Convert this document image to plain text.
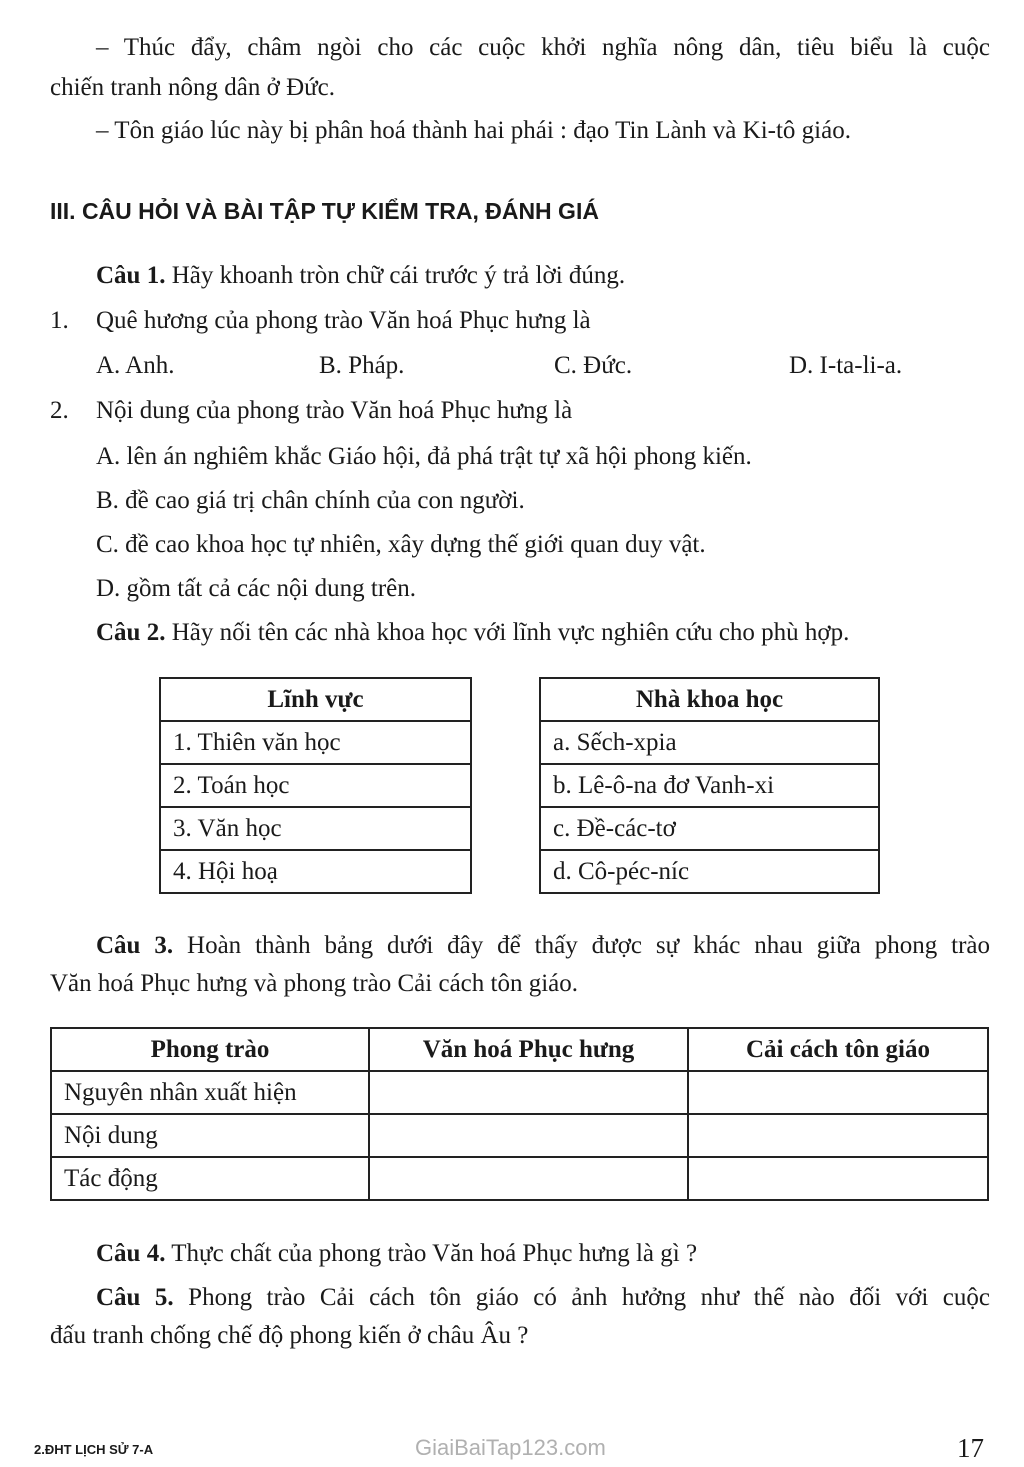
– Thúc đẩy, châm ngòi cho các cuộc khởi nghĩa nông dân, tiêu biểu là cuộc
chiến tranh nông dân ở Đức.
– Tôn giáo lúc này bị phân hoá thành hai phái : đạo Tin Lành và Ki-tô giáo.
III. CÂU HỎI VÀ BÀI TẬP TỰ KIỂM TRA, ĐÁNH GIÁ
Câu 1. Hãy khoanh tròn chữ cái trước ý trả lời đúng.
1. Quê hương của phong trào Văn hoá Phục hưng là
A. Anh.	B. Pháp.	C. Đức.	D. I-ta-li-a.
2. Nội dung của phong trào Văn hoá Phục hưng là
A. lên án nghiêm khắc Giáo hội, đả phá trật tự xã hội phong kiến.
B. đề cao giá trị chân chính của con người.
C. đề cao khoa học tự nhiên, xây dựng thế giới quan duy vật.
D. gồm tất cả các nội dung trên.
Câu 2. Hãy nối tên các nhà khoa học với lĩnh vực nghiên cứu cho phù hợp.
Lĩnh vực
1. Thiên văn học
2. Toán học
3. Văn học
4. Hội hoạ
Nhà khoa học
a. Sếch-xpia
b. Lê-ô-na đơ Vanh-xi
c. Đề-các-tơ
d. Cô-péc-níc
Câu 3. Hoàn thành bảng dưới đây để thấy được sự khác nhau giữa phong trào
Văn hoá Phục hưng và phong trào Cải cách tôn giáo.
Phong trào	Văn hoá Phục hưng	Cải cách tôn giáo
Nguyên nhân xuất hiện		
Nội dung		
Tác động		
Câu 4. Thực chất của phong trào Văn hoá Phục hưng là gì ?
Câu 5. Phong trào Cải cách tôn giáo có ảnh hưởng như thế nào đối với cuộc
đấu tranh chống chế độ phong kiến ở châu Âu ?
2.ĐHT LỊCH SỬ 7-A	17
GiaiBaiTap123.com
